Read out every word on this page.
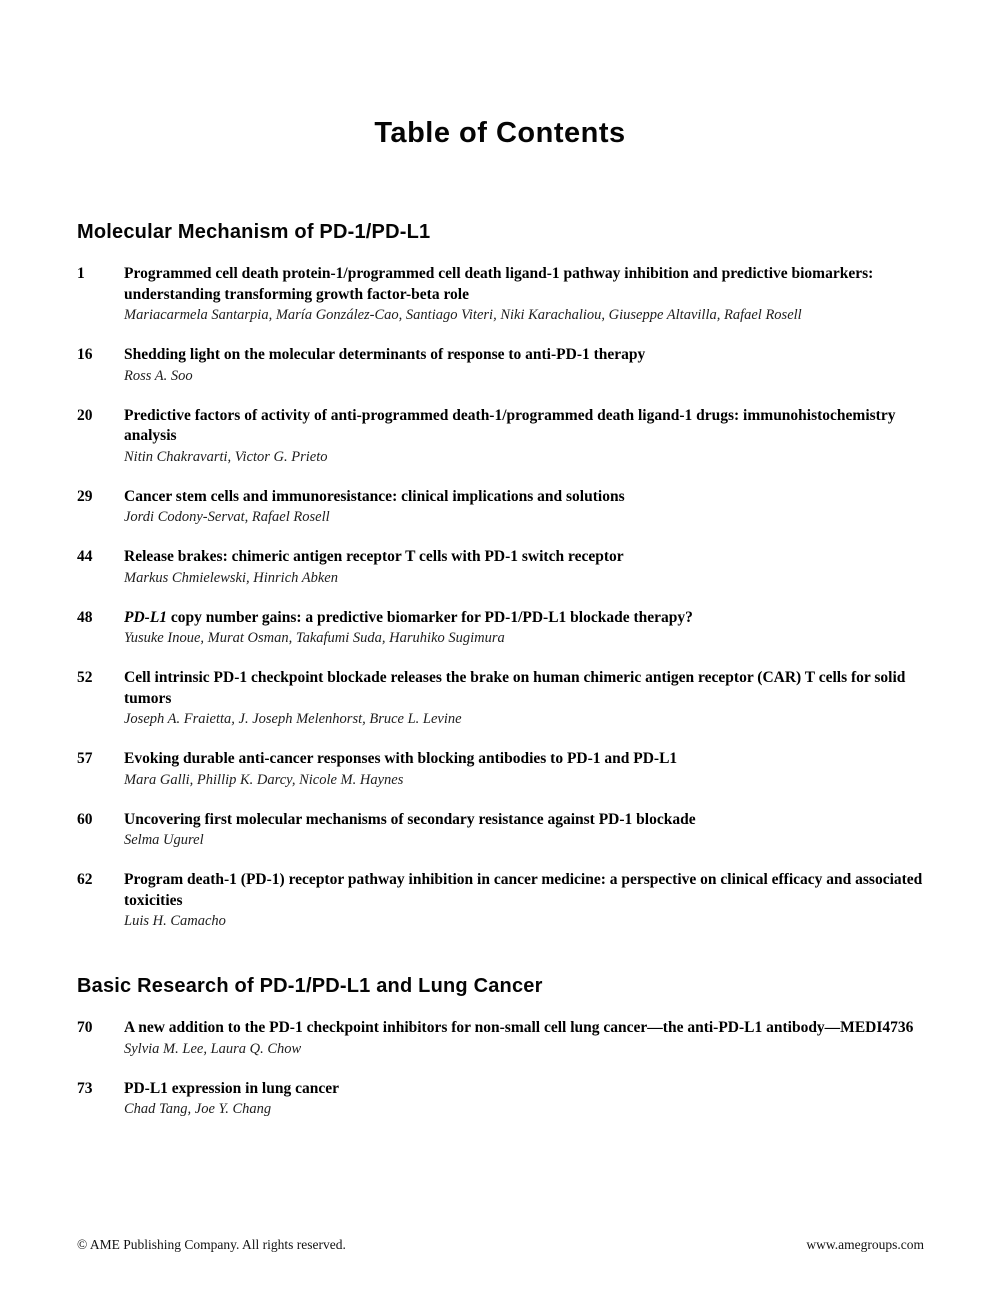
Table of Contents
Molecular Mechanism of PD-1/PD-L1
1	Programmed cell death protein-1/programmed cell death ligand-1 pathway inhibition and predictive biomarkers: understanding transforming growth factor-beta role
Mariacarmela Santarpia, María González-Cao, Santiago Viteri, Niki Karachaliou, Giuseppe Altavilla, Rafael Rosell
16	Shedding light on the molecular determinants of response to anti-PD-1 therapy
Ross A. Soo
20	Predictive factors of activity of anti-programmed death-1/programmed death ligand-1 drugs: immunohistochemistry analysis
Nitin Chakravarti, Victor G. Prieto
29	Cancer stem cells and immunoresistance: clinical implications and solutions
Jordi Codony-Servat, Rafael Rosell
44	Release brakes: chimeric antigen receptor T cells with PD-1 switch receptor
Markus Chmielewski, Hinrich Abken
48	PD-L1 copy number gains: a predictive biomarker for PD-1/PD-L1 blockade therapy?
Yusuke Inoue, Murat Osman, Takafumi Suda, Haruhiko Sugimura
52	Cell intrinsic PD-1 checkpoint blockade releases the brake on human chimeric antigen receptor (CAR) T cells for solid tumors
Joseph A. Fraietta, J. Joseph Melenhorst, Bruce L. Levine
57	Evoking durable anti-cancer responses with blocking antibodies to PD-1 and PD-L1
Mara Galli, Phillip K. Darcy, Nicole M. Haynes
60	Uncovering first molecular mechanisms of secondary resistance against PD-1 blockade
Selma Ugurel
62	Program death-1 (PD-1) receptor pathway inhibition in cancer medicine: a perspective on clinical efficacy and associated toxicities
Luis H. Camacho
Basic Research of PD-1/PD-L1 and Lung Cancer
70	A new addition to the PD-1 checkpoint inhibitors for non-small cell lung cancer—the anti-PD-L1 antibody—MEDI4736
Sylvia M. Lee, Laura Q. Chow
73	PD-L1 expression in lung cancer
Chad Tang, Joe Y. Chang
© AME Publishing Company. All rights reserved.	www.amegroups.com
